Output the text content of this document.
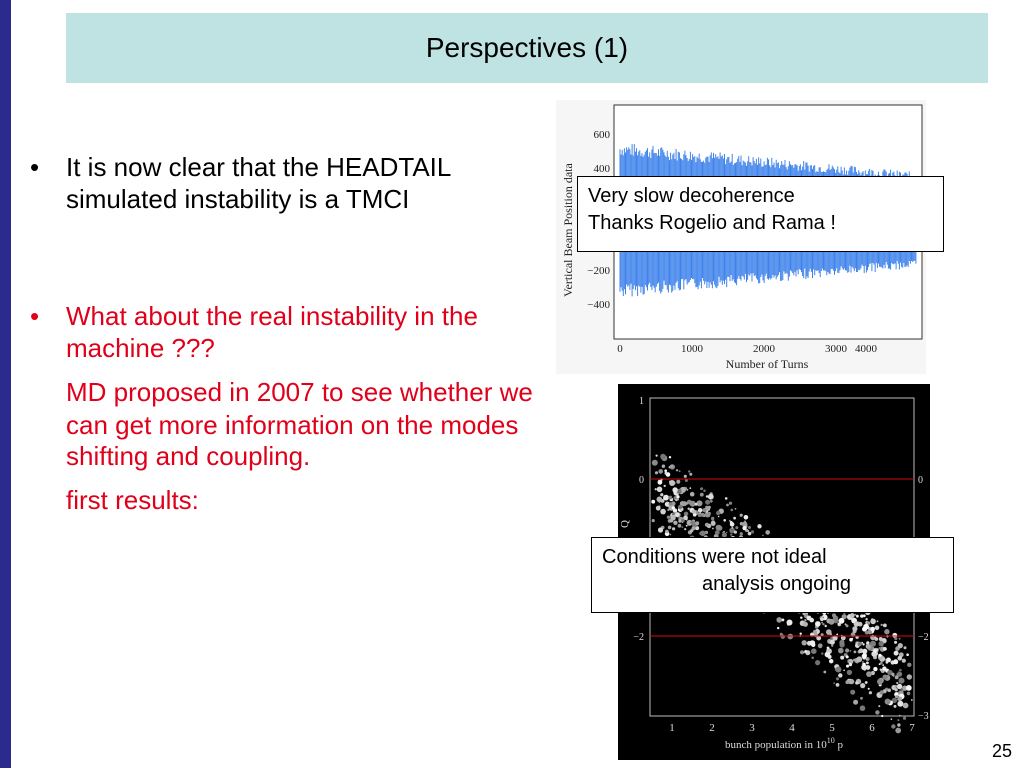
Perspectives (1)
• It is now clear that the HEADTAIL simulated instability is a TMCI
• What about the real instability in the machine ???
MD proposed in 2007 to see whether we can get more information on the modes shifting and coupling.
first results:
4000
0	1000	2000	3000
600
400
−200
−400
Number of Turns
Vertical Beam Position data
1
0
−2
0
−2
−3
1	2	3	4	5	6	7
bunch population in $10^{10}$ p
Q
Very slow decoherence
Thanks Rogelio and Rama !
Conditions were not ideal
analysis ongoing
25
